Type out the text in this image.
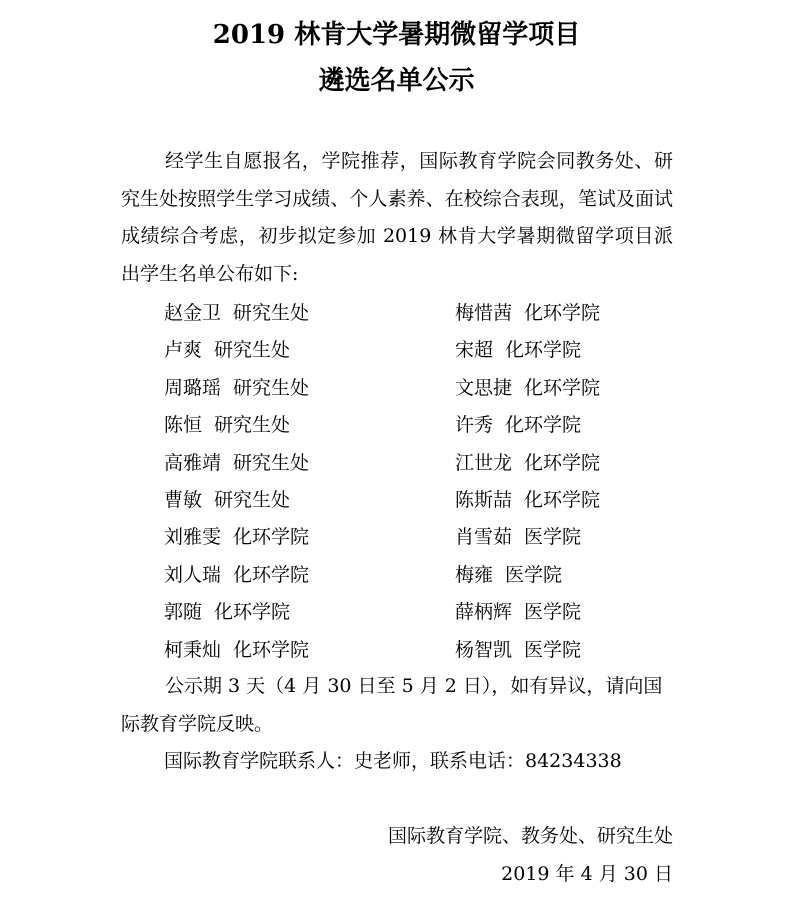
2019 林肯大学暑期微留学项目
遴选名单公示
经学生自愿报名，学院推荐，国际教育学院会同教务处、研究生处按照学生学习成绩、个人素养、在校综合表现，笔试及面试成绩综合考虑，初步拟定参加 2019 林肯大学暑期微留学项目派出学生名单公布如下:
赵金卫 研究生处	梅惜茜 化环学院
卢爽 研究生处	宋超 化环学院
周璐瑶 研究生处	文思捷 化环学院
陈恒 研究生处	许秀 化环学院
高雅靖 研究生处	江世龙 化环学院
曹敏 研究生处	陈斯喆 化环学院
刘雅雯 化环学院	肖雪茹 医学院
刘人瑞 化环学院	梅雍 医学院
郭随 化环学院	薛柄辉 医学院
柯秉灿 化环学院	杨智凯 医学院
公示期 3 天（4 月 30 日至 5 月 2 日），如有异议，请向国际教育学院反映。
国际教育学院联系人：史老师，联系电话：84234338
国际教育学院、教务处、研究生处
2019 年 4 月 30 日
